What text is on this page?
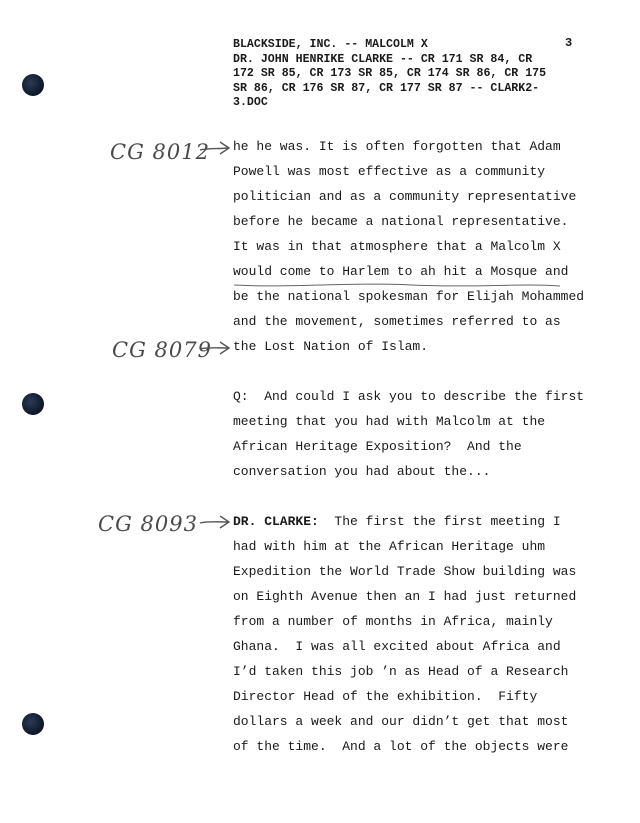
BLACKSIDE, INC. -- MALCOLM X
DR. JOHN HENRIKE CLARKE -- CR 171 SR 84, CR
172 SR 85, CR 173 SR 85, CR 174 SR 86, CR 175
SR 86, CR 176 SR 87, CR 177 SR 87 -- CLARK2-
3.DOC
3
CG 8012
CG 8079
CG 8093
he he was. It is often forgotten that Adam
Powell was most effective as a community
politician and as a community representative
before he became a national representative.
It was in that atmosphere that a Malcolm X
would come to Harlem to ah hit a Mosque and
be the national spokesman for Elijah Mohammed
and the movement, sometimes referred to as
the Lost Nation of Islam.
Q:  And could I ask you to describe the first
meeting that you had with Malcolm at the
African Heritage Exposition?  And the
conversation you had about the...
DR. CLARKE:  The first the first meeting I
had with him at the African Heritage uhm
Expedition the World Trade Show building was
on Eighth Avenue then an I had just returned
from a number of months in Africa, mainly
Ghana.  I was all excited about Africa and
I’d taken this job ’n as Head of a Research
Director Head of the exhibition.  Fifty
dollars a week and our didn’t get that most
of the time.  And a lot of the objects were
